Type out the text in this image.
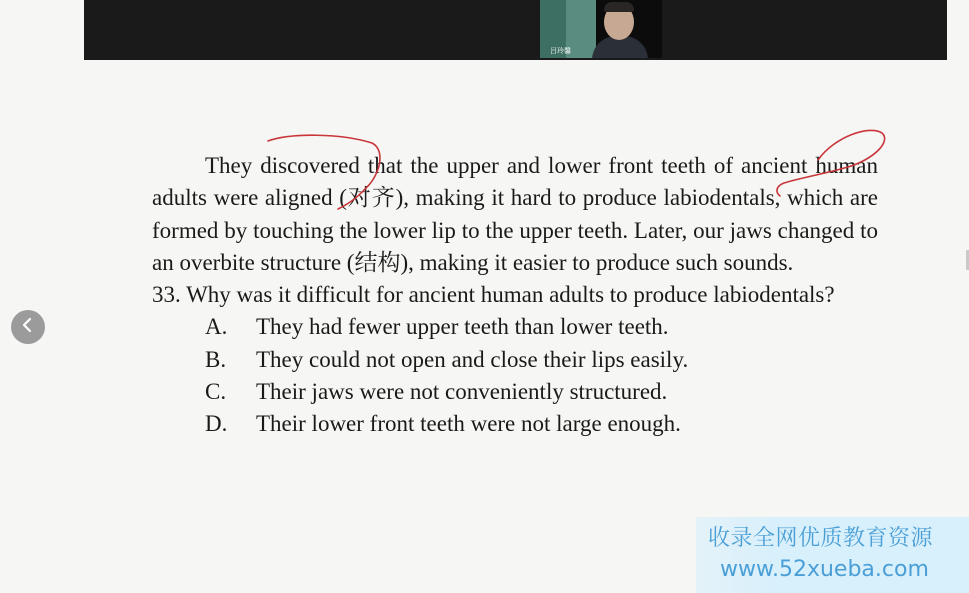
吕玲馨

They discovered that the upper and lower front teeth of ancient human adults were aligned (对齐), making it hard to produce labiodentals, which are formed by touching the lower lip to the upper teeth. Later, our jaws changed to an overbite structure (结构), making it easier to produce such sounds.

33. Why was it difficult for ancient human adults to produce labiodentals?

A. They had fewer upper teeth than lower teeth.
B. They could not open and close their lips easily.
C. Their jaws were not conveniently structured.
D. Their lower front teeth were not large enough.
收录全网优质教育资源
www.52xueba.com
